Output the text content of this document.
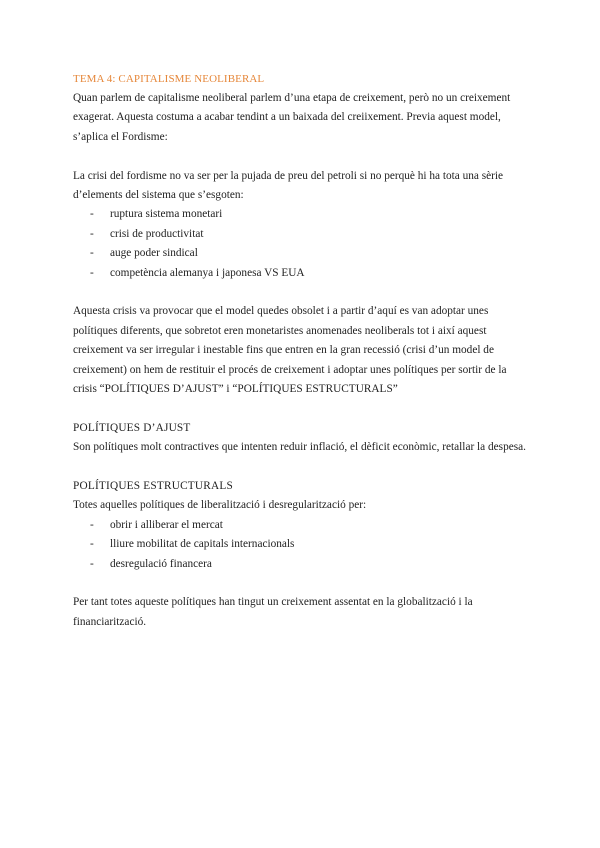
TEMA 4: CAPITALISME NEOLIBERAL

Quan parlem de capitalisme neoliberal parlem d’una etapa de creixement, però no un creixement exagerat. Aquesta costuma a acabar tendint a un baixada del creiixement. Previa aquest model, s’aplica el Fordisme:

La crisi del fordisme no va ser per la pujada de preu del petroli si no perquè hi ha tota una sèrie d’elements del sistema que s’esgoten:

- ruptura sistema monetari
- crisi de productivitat
- auge poder sindical
- competència alemanya i japonesa VS EUA

Aquesta crisis va provocar que el model quedes obsolet i a partir d’aquí es van adoptar unes polítiques diferents, que sobretot eren monetaristes anomenades neoliberals tot i així aquest creixement va ser irregular i inestable fins que entren en la gran recessió (crisi d’un model de creixement) on hem de restituir el procés de creixement i adoptar unes polítiques per sortir de la crisis “POLÍTIQUES D’AJUST” i “POLÍTIQUES ESTRUCTURALS”

POLÍTIQUES D’AJUST

Son polítiques molt contractives que intenten reduir inflació, el dèficit econòmic, retallar la despesa.

POLÍTIQUES ESTRUCTURALS

Totes aquelles polítiques de liberalització i desregularització per:

- obrir i alliberar el mercat
- lliure mobilitat de capitals internacionals
- desregulació financera

Per tant totes aqueste polítiques han tingut un creixement assentat en la globalització i la financiarització.
